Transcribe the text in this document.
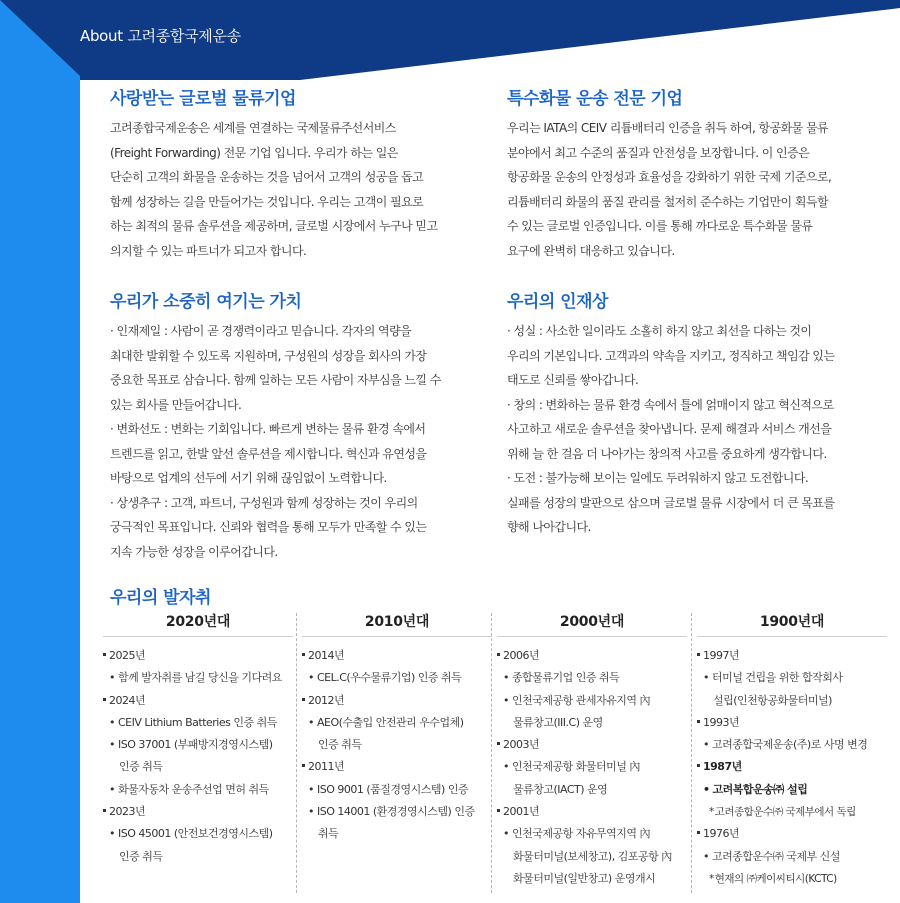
About 고려종합국제운송
사랑받는 글로벌 물류기업

고려종합국제운송은 세계를 연결하는 국제물류주선서비스

(Freight Forwarding) 전문 기업 입니다. 우리가 하는 일은

단순히 고객의 화물을 운송하는 것을 넘어서 고객의 성공을 돕고

함께 성장하는 길을 만들어가는 것입니다. 우리는 고객이 필요로

하는 최적의 물류 솔루션을 제공하며, 글로벌 시장에서 누구나 믿고

의지할 수 있는 파트너가 되고자 합니다.

특수화물 운송 전문 기업

우리는 IATA의 CEIV 리튬배터리 인증을 취득 하여, 항공화물 물류

분야에서 최고 수준의 품질과 안전성을 보장합니다. 이 인증은

항공화물 운송의 안정성과 효율성을 강화하기 위한 국제 기준으로,

리튬배터리 화물의 품질 관리를 철저히 준수하는 기업만이 획득할

수 있는 글로벌 인증입니다. 이를 통해 까다로운 특수화물 물류

요구에 완벽히 대응하고 있습니다.

우리가 소중히 여기는 가치

· 인재제일 : 사람이 곧 경쟁력이라고 믿습니다. 각자의 역량을

최대한 발휘할 수 있도록 지원하며, 구성원의 성장을 회사의 가장

중요한 목표로 삼습니다. 함께 일하는 모든 사람이 자부심을 느낄 수

있는 회사를 만들어갑니다.

· 변화선도 : 변화는 기회입니다. 빠르게 변하는 물류 환경 속에서

트렌드를 읽고, 한발 앞선 솔루션을 제시합니다. 혁신과 유연성을

바탕으로 업계의 선두에 서기 위해 끊임없이 노력합니다.

· 상생추구 : 고객, 파트너, 구성원과 함께 성장하는 것이 우리의

궁극적인 목표입니다. 신뢰와 협력을 통해 모두가 만족할 수 있는

지속 가능한 성장을 이루어갑니다.

우리의 인재상

· 성실 : 사소한 일이라도 소홀히 하지 않고 최선을 다하는 것이

우리의 기본입니다. 고객과의 약속을 지키고, 정직하고 책임감 있는

태도로 신뢰를 쌓아갑니다.

· 창의 : 변화하는 물류 환경 속에서 틀에 얽매이지 않고 혁신적으로

사고하고 새로운 솔루션을 찾아냅니다. 문제 해결과 서비스 개선을

위해 늘 한 걸음 더 나아가는 창의적 사고를 중요하게 생각합니다.

· 도전 : 불가능해 보이는 일에도 두려워하지 않고 도전합니다.

실패를 성장의 발판으로 삼으며 글로벌 물류 시장에서 더 큰 목표를

향해 나아갑니다.

우리의 발자취
2020년대
2025년
• 함께 발자취를 남길 당신을 기다려요
2024년
• CEIV Lithium Batteries 인증 취득
• ISO 37001 (부패방지경영시스템)
인증 취득
• 화물자동차 운송주선업 면허 취득
2023년
• ISO 45001 (안전보건경영시스템)
인증 취득
2010년대
2014년
• CEL.C(우수물류기업) 인증 취득
2012년
• AEO(수출입 안전관리 우수업체)
인증 취득
2011년
• ISO 9001 (품질경영시스템) 인증
• ISO 14001 (환경경영시스템) 인증
취득
2000년대
2006년
• 종합물류기업 인증 취득
• 인천국제공항 관세자유지역 內
물류창고(III.C) 운영
2003년
• 인천국제공항 화물터미널 內
물류창고(IACT) 운영
2001년
• 인천국제공항 자유무역지역 內
화물터미널(보세창고), 김포공항 內
화물터미널(일반창고) 운영개시
1900년대
1997년
• 터미널 건립을 위한 합작회사
설립(인천항공화물터미널)
1993년
• 고려종합국제운송(주)로 사명 변경
1987년
• 고려복합운송㈜ 설립
* 고려종합운수㈜ 국제부에서 독립
1976년
• 고려종합운수㈜ 국제부 신설
* 현재의 ㈜케이씨티시(KCTC)
